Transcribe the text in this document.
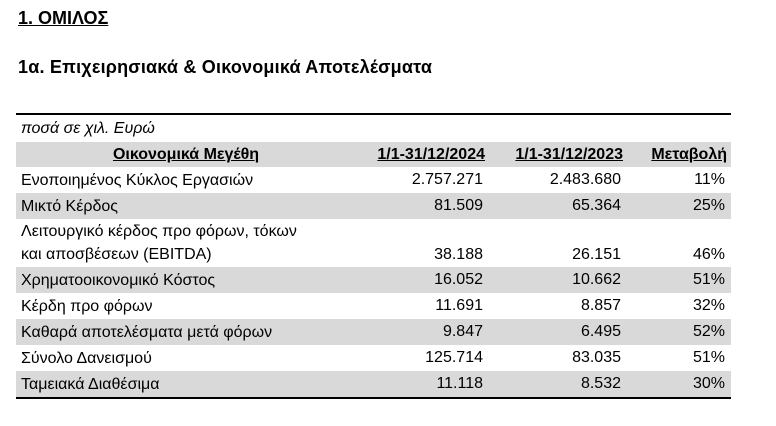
1. ΟΜΙΛΟΣ
1α. Επιχειρησιακά & Οικονομικά Αποτελέσματα
ποσά σε χιλ. Ευρώ
Οικονομικά Μεγέθη	1/1-31/12/2024	1/1-31/12/2023	Μεταβολή
Ενοποιημένος Κύκλος Εργασιών	2.757.271	2.483.680	11%
Μικτό Κέρδος	81.509	65.364	25%
Λειτουργικό κέρδος προ φόρων, τόκων
και αποσβέσεων (EBITDA)	38.188	26.151	46%
Χρηματοοικονομικό Κόστος	16.052	10.662	51%
Κέρδη προ φόρων	11.691	8.857	32%
Καθαρά αποτελέσματα μετά φόρων	9.847	6.495	52%
Σύνολο Δανεισμού	125.714	83.035	51%
Ταμειακά Διαθέσιμα	11.118	8.532	30%
